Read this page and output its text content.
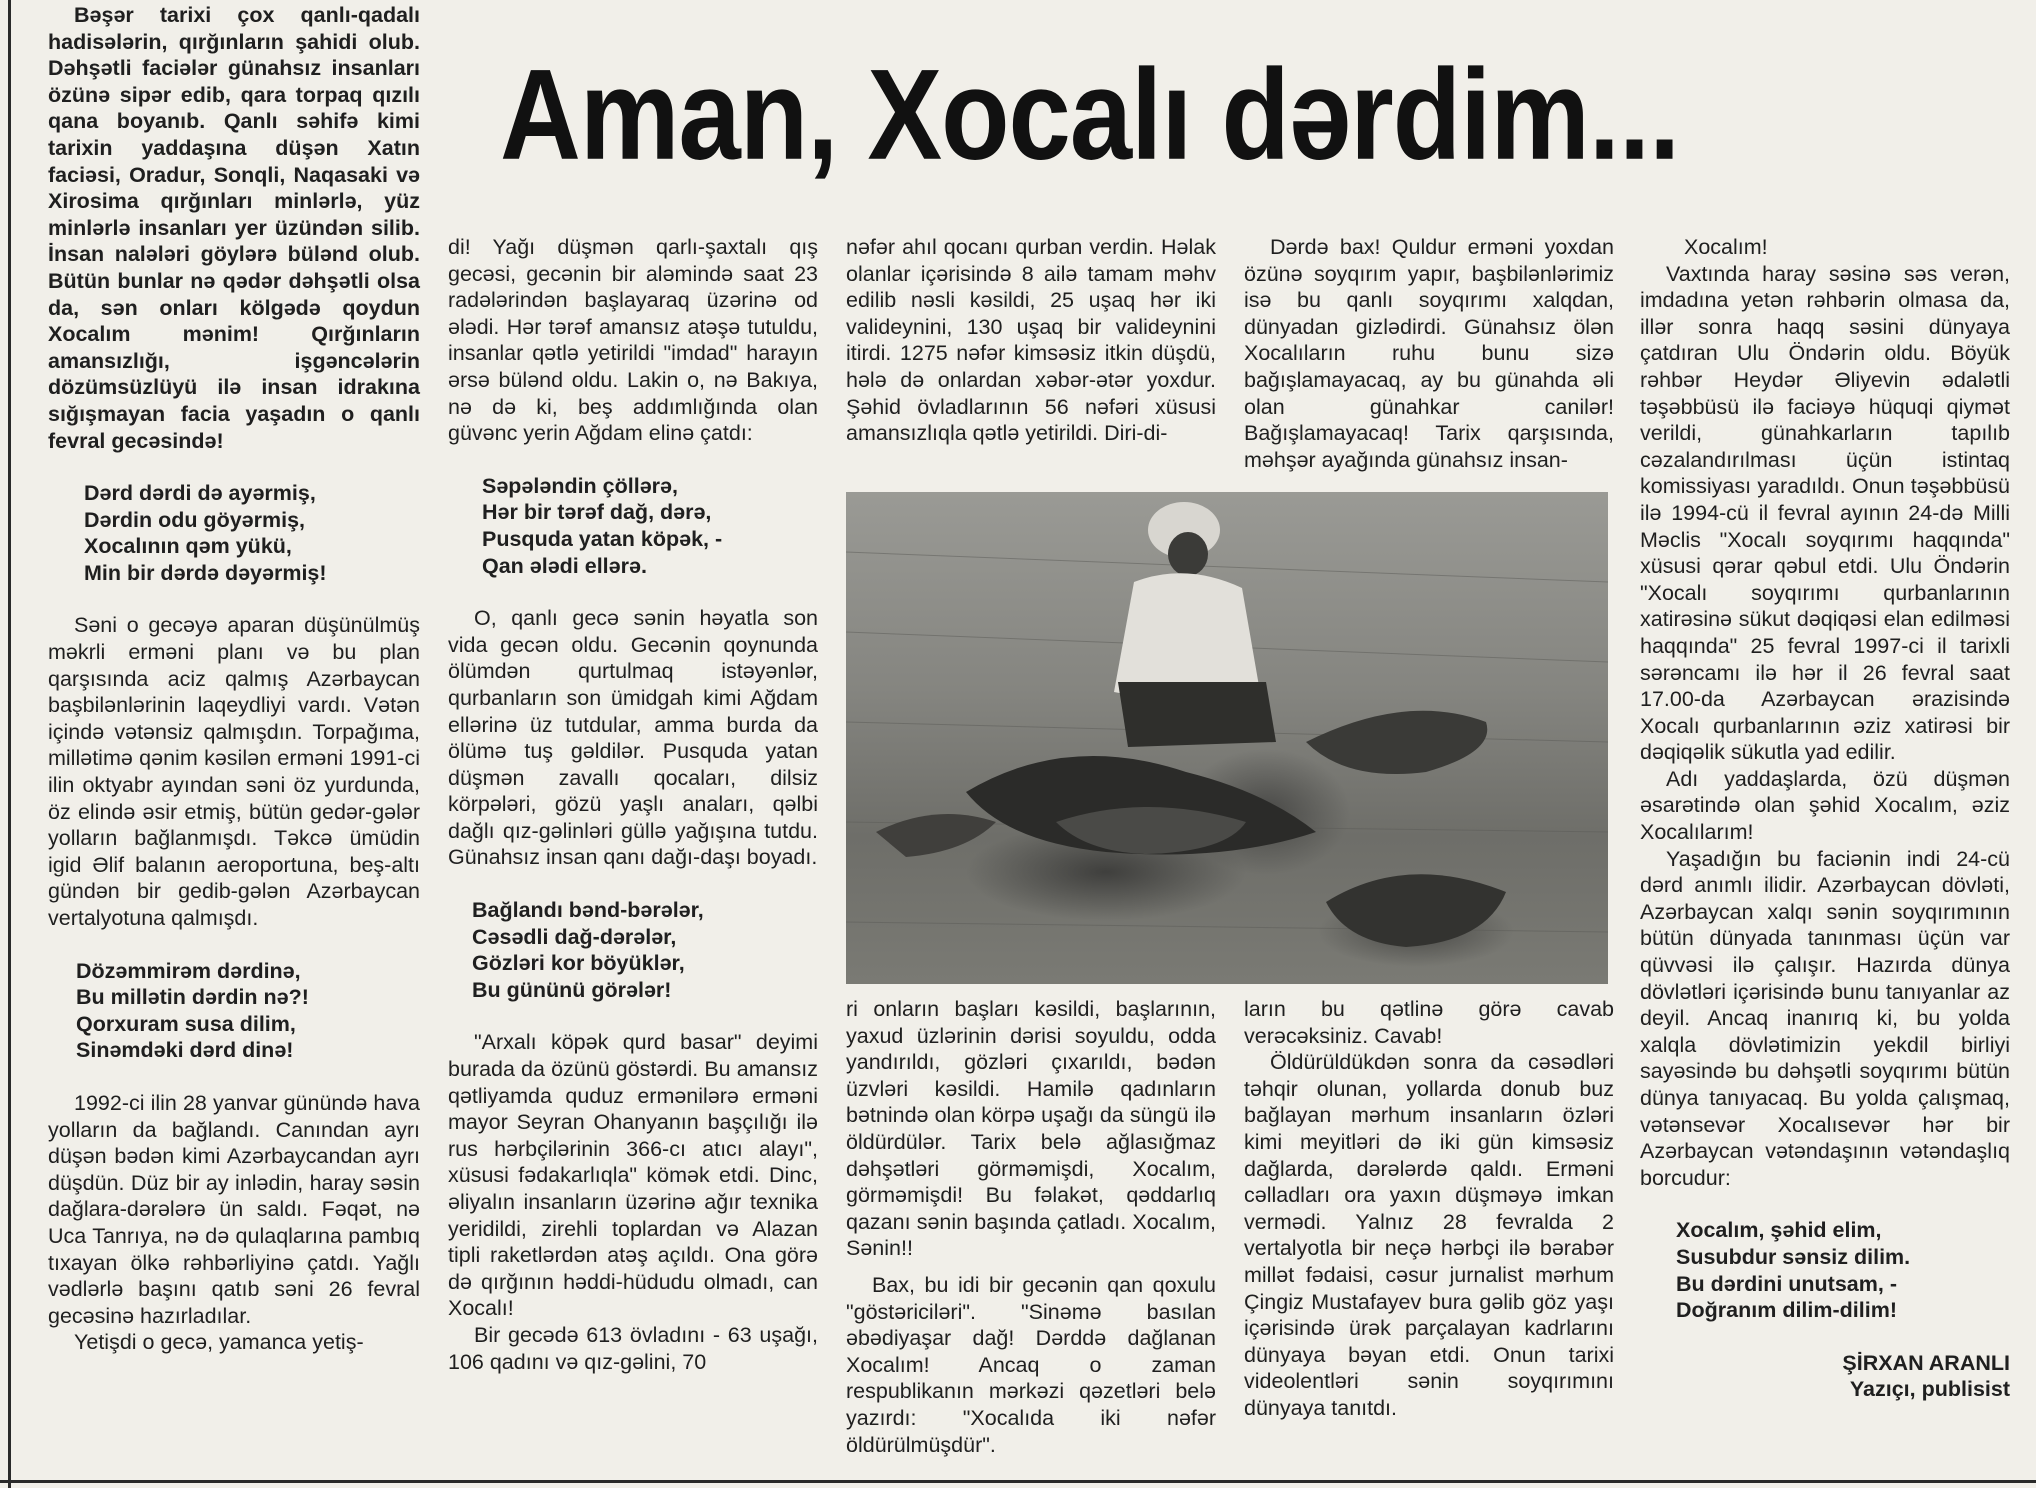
Aman, Xocalı dərdim...

Bəşər tarixi çox qanlı-qadalı hadisələrin, qırğınların şahidi olub. Dəhşətli faciələr günahsız insanları özünə sipər edib, qara torpaq qızılı qana boyanıb. Qanlı səhifə kimi tarixin yaddaşına düşən Xatın faciəsi, Oradur, Sonqli, Naqasaki və Xirosima qırğınları minlərlə, yüz minlərlə insanları yer üzündən silib. İnsan nalələri göylərə bülənd olub. Bütün bunlar nə qədər dəhşətli olsa da, sən onları kölgədə qoydun Xocalım mənim! Qırğınların amansızlığı, işgəncələrin dözümsüzlüyü ilə insan idrakına sığışmayan facia yaşadın o qanlı fevral gecəsində!

Dərd dərdi də ayərmiş,
Dərdin odu göyərmiş,
Xocalının qəm yükü,
Min bir dərdə dəyərmiş!

Səni o gecəyə aparan düşünülmüş məkrli erməni planı və bu plan qarşısında aciz qalmış Azərbaycan başbilənlərinin laqeydliyi vardı. Vətən içində vətənsiz qalmışdın. Torpağıma, millətimə qənim kəsilən erməni 1991-ci ilin oktyabr ayından səni öz yurdunda, öz elində əsir etmiş, bütün gedər-gələr yolların bağlanmışdı. Təkcə ümüdin igid Əlif balanın aeroportuna, beş-altı gündən bir gedib-gələn Azərbaycan vertalyotuna qalmışdı.

Dözəmmirəm dərdinə,
Bu millətin dərdin nə?!
Qorxuram susa dilim,
Sinəmdəki dərd dinə!

1992-ci ilin 28 yanvar günündə hava yolların da bağlandı. Canından ayrı düşən bədən kimi Azərbaycandan ayrı düşdün. Düz bir ay inlədin, haray səsin dağlara-dərələrə ün saldı. Fəqət, nə Uca Tanrıya, nə də qulaqlarına pambıq tıxayan ölkə rəhbərliyinə çatdı. Yağlı vədlərlə başını qatıb səni 26 fevral gecəsinə hazırladılar.

Yetişdi o gecə, yamanca yetiş-

di! Yağı düşmən qarlı-şaxtalı qış gecəsi, gecənin bir aləmində saat 23 radələrindən başlayaraq üzərinə od ələdi. Hər tərəf amansız atəşə tutuldu, insanlar qətlə yetirildi "imdad" harayın ərsə bülənd oldu. Lakin o, nə Bakıya, nə də ki, beş addımlığında olan güvənc yerin Ağdam elinə çatdı:

Səpələndin çöllərə,
Hər bir tərəf dağ, dərə,
Pusquda yatan köpək, -
Qan ələdi ellərə.

O, qanlı gecə sənin həyatla son vida gecən oldu. Gecənin qoynunda ölümdən qurtulmaq istəyənlər, qurbanların son ümidgah kimi Ağdam ellərinə üz tutdular, amma burda da ölümə tuş gəldilər. Pusquda yatan düşmən zavallı qocaları, dilsiz körpələri, gözü yaşlı anaları, qəlbi dağlı qız-gəlinləri güllə yağışına tutdu. Günahsız insan qanı dağı-daşı boyadı.

Bağlandı bənd-bərələr,
Cəsədli dağ-dərələr,
Gözləri kor böyüklər,
Bu gününü görələr!

"Arxalı köpək qurd basar" deyimi burada da özünü göstərdi. Bu amansız qətliyamda quduz ermənilərə erməni mayor Seyran Ohanyanın başçılığı ilə rus hərbçilərinin 366-cı atıcı alayı", xüsusi fədakarlıqla" kömək etdi. Dinc, əliyalın insanların üzərinə ağır texnika yeridildi, zirehli toplardan və Alazan tipli raketlərdən atəş açıldı. Ona görə də qırğının həddi-hüdudu olmadı, can Xocalı!

Bir gecədə 613 övladını - 63 uşağı, 106 qadını və qız-gəlini, 70

nəfər ahıl qocanı qurban verdin. Həlak olanlar içərisində 8 ailə tamam məhv edilib nəsli kəsildi, 25 uşaq hər iki valideynini, 130 uşaq bir valideynini itirdi. 1275 nəfər kimsəsiz itkin düşdü, hələ də onlardan xəbər-ətər yoxdur. Şəhid övladlarının 56 nəfəri xüsusi amansızlıqla qətlə yetirildi. Diri-di-

Dərdə bax! Quldur erməni yoxdan özünə soyqırım yapır, başbilənlərimiz isə bu qanlı soyqırımı xalqdan, dünyadan gizlədirdi. Günahsız ölən Xocalıların ruhu bunu sizə bağışlamayacaq, ay bu günahda əli olan günahkar canilər! Bağışlamayacaq! Tarix qarşısında, məhşər ayağında günahsız insan-

ri onların başları kəsildi, başlarının, yaxud üzlərinin dərisi soyuldu, odda yandırıldı, gözləri çıxarıldı, bədən üzvləri kəsildi. Hamilə qadınların bətnində olan körpə uşağı da süngü ilə öldürdülər. Tarix belə ağlasığmaz dəhşətləri görməmişdi, Xocalım, görməmişdi! Bu fəlakət, qəddarlıq qazanı sənin başında çatladı. Xocalım, Sənin!!

Bax, bu idi bir gecənin qan qoxulu "göstəriciləri". "Sinəmə basılan əbədiyaşar dağ! Dərddə dağlanan Xocalım! Ancaq o zaman respublikanın mərkəzi qəzetləri belə yazırdı: "Xocalıda iki nəfər öldürülmüşdür".

ların bu qətlinə görə cavab verəcəksiniz. Cavab!

Öldürüldükdən sonra da cəsədləri təhqir olunan, yollarda donub buz bağlayan mərhum insanların özləri kimi meyitləri də iki gün kimsəsiz dağlarda, dərələrdə qaldı. Erməni cəlladları ora yaxın düşməyə imkan vermədi. Yalnız 28 fevralda 2 vertalyotla bir neçə hərbçi ilə bərabər millət fədaisi, cəsur jurnalist mərhum Çingiz Mustafayev bura gəlib göz yaşı içərisində ürək parçalayan kadrlarını dünyaya bəyan etdi. Onun tarixi videolentləri sənin soyqırımını dünyaya tanıtdı.

Xocalım!

Vaxtında haray səsinə səs verən, imdadına yetən rəhbərin olmasa da, illər sonra haqq səsini dünyaya çatdıran Ulu Öndərin oldu. Böyük rəhbər Heydər Əliyevin ədalətli təşəbbüsü ilə faciəyə hüquqi qiymət verildi, günahkarların tapılıb cəzalandırılması üçün istintaq komissiyası yaradıldı. Onun təşəbbüsü ilə 1994-cü il fevral ayının 24-də Milli Məclis "Xocalı soyqırımı haqqında" xüsusi qərar qəbul etdi. Ulu Öndərin "Xocalı soyqırımı qurbanlarının xatirəsinə sükut dəqiqəsi elan edilməsi haqqında" 25 fevral 1997-ci il tarixli sərəncamı ilə hər il 26 fevral saat 17.00-da Azərbaycan ərazisində Xocalı qurbanlarının əziz xatirəsi bir dəqiqəlik sükutla yad edilir.

Adı yaddaşlarda, özü düşmən əsarətində olan şəhid Xocalım, əziz Xocalılarım!

Yaşadığın bu faciənin indi 24-cü dərd anımlı ilidir. Azərbaycan dövləti, Azərbaycan xalqı sənin soyqırımının bütün dünyada tanınması üçün var qüvvəsi ilə çalışır. Hazırda dünya dövlətləri içərisində bunu tanıyanlar az deyil. Ancaq inanırıq ki, bu yolda xalqla dövlətimizin yekdil birliyi sayəsində bu dəhşətli soyqırımı bütün dünya tanıyacaq. Bu yolda çalışmaq, vətənsevər Xocalısevər hər bir Azərbaycan vətəndaşının vətəndaşlıq borcudur:

Xocalım, şəhid elim,
Susubdur sənsiz dilim.
Bu dərdini unutsam, -
Doğranım dilim-dilim!
ŞİRXAN ARANLI
Yazıçı, publisist
